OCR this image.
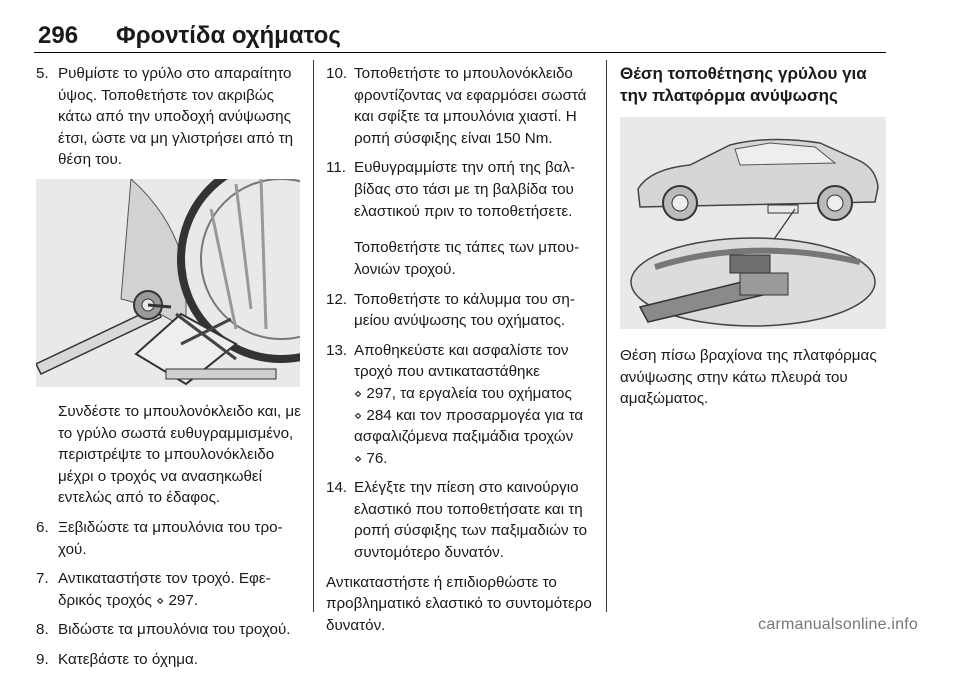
296 Φροντίδα οχήματος
5. Ρυθμίστε το γρύλο στο απαραίτητο ύψος. Τοποθετήστε τον ακριβώς κάτω από την υποδοχή ανύψωσης έτσι, ώστε να μη γλιστρήσει από τη θέση του.

Συνδέστε το μπουλονόκλειδο και, με το γρύλο σωστά ευθυγραμμισμένο, περιστρέψτε το μπουλονόκλειδο μέχρι ο τροχός να ανασηκωθεί εντελώς από το έδαφος.

6. Ξεβιδώστε τα μπουλόνια του τροχού.
7. Αντικαταστήστε τον τροχό. Εφεδρικός τροχός ⋄ 297.
8. Βιδώστε τα μπουλόνια του τροχού.
9. Κατεβάστε το όχημα.
10. Τοποθετήστε το μπουλονόκλειδο φροντίζοντας να εφαρμόσει σωστά και σφίξτε τα μπουλόνια χιαστί. Η ροπή σύσφιξης είναι 150 Nm.
11. Ευθυγραμμίστε την οπή της βαλβίδας στο τάσι με τη βαλβίδα του ελαστικού πριν το τοποθετήσετε.

Τοποθετήστε τις τάπες των μπουλονιών τροχού.

12. Τοποθετήστε το κάλυμμα του σημείου ανύψωσης του οχήματος.
13. Αποθηκεύστε και ασφαλίστε τον τροχό που αντικαταστάθηκε
⋄ 297, τα εργαλεία του οχήματος
⋄ 284 και τον προσαρμογέα για τα ασφαλιζόμενα παξιμάδια τροχών
⋄ 76.
14. Ελέγξτε την πίεση στο καινούργιο ελαστικό που τοποθετήσατε και τη ροπή σύσφιξης των παξιμαδιών το συντομότερο δυνατόν.

Αντικαταστήστε ή επιδιορθώστε το προβληματικό ελαστικό το συντομότερο δυνατόν.

Θέση τοποθέτησης γρύλου για την πλατφόρμα ανύψωσης

Θέση πίσω βραχίονα της πλατφόρμας ανύψωσης στην κάτω πλευρά του αμαξώματος.

carmanualsonline.info
